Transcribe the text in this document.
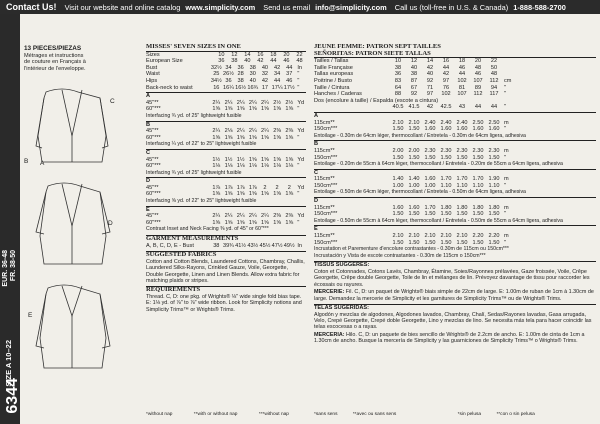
Contact Us! Visit our website and online catalog www.simplicity.com Send us email info@simplicity.com Call us (toll-free in U.S. & Canada) 1-888-588-2700
6344
EUR. 36-48 FR. 38-50
SIZE A 10–22
13 PIECES/PIEZAS
Métrages et instructions
de couture en Français à
l'intérieur de l'enveloppe.
A
C
B
D
E
MISSES' SEVEN SIZES IN ONE
Sizes	10	12	14	16	18	20	22
European Size	36	38	40	42	44	46	48
Bust	32½ 34	36	38	40	42	44 In
Waist	25 26½ 28	30	32	34	37 "
Hips	34½ 36	38	40	42	44	46 "
Back-neck to waist	16 16¼ 16½ 16¾ 17 17¼ 17½ "
A
45"**	2¼ 2¼ 2¼ 2¼ 2¼ 2½ 2½ Yd
60"***	1⅝ 1⅝ 1⅝ 1⅝ 1⅝ 1⅝ 1⅝ "
Interfacing ¾ yd. of 25" lightweight fusible
B
45"**	2¼ 2⅛ 2¼ 2¼ 2¼ 2⅜ 2⅜ Yd
60"***	1⅝ 1⅝ 1⅝ 1⅝ 1⅝ 1⅝ 1⅝ "
Interfacing ¼ yd. of 22" to 25" lightweight fusible
C
45"**	1½ 1½ 1½ 1⅝ 1⅝ 1⅝ 1⅝ Yd
60"***	1⅛ 1⅛ 1⅛ 1⅛ 1⅛ 1⅛ 1⅛ "
Interfacing ¾ yd. of 25" lightweight fusible
D
45"**	1⅞ 1⅞ 1⅞ 1⅞	2	2	2	Yd
60"***	1⅝ 1⅝ 1⅝ 1⅝ 1⅝ 1⅝ 1⅝ "
Interfacing ⅝ yd. of 22" to 25" lightweight fusible
E
45"**	2¼ 2¼ 2¼ 2¼ 2¼ 2⅜ 2⅜ Yd
60"***	1⅝ 1⅝ 1⅝ 1⅝ 1⅝ 1⅝ 1⅝ "
Contrast Inset and Neck Facing ⅜ yd. of 45" or 60"***
GARMENT MEASUREMENTS
A, B, C, D, E - Bust	38 39¾ 41½ 43½ 45½ 47½ 49½ In
SUGGESTED FABRICS
Cotton and Cotton Blends, Laundered Cottons, Chambray, Challis, Laundered Silks-Rayons, Crinkled Gauze, Voile, Georgette, Double Georgette, Linen and Linen Blends. Allow extra fabric for matching plaids or stripes.
REQUIREMENTS
Thread. C, D: one pkg. of Wrights® ⅛" wide single fold bias tape. E: 1⅛ yd. of ⅞" to ⅞" wide ribbon. Look for Simplicity notions and Simplicity Trims™ or Wrights® Trims.
*without nap	**with or without nap	***without nap
JEUNE FEMME: PATRON SEPT TAILLES
SEÑORITAS: PATRON SIETE TALLAS
Tailles / Tallas	10	12	14	16	18	20	22
Taille Française	38	40	42	44	46	48	50
Tallas europeas	36	38	40	42	44	46	48
Poitrine / Busto	83	87	92	97	102	107	112 cm
Taille / Cintura	64	67	71	76	81	89	94	"
Hanches / Caderas	88	92	97	102	107	112	117 "
Dos (encolure à taille) / Espalda (escote a cintura)
40.5 41.5	42	42.5	43	44	44	"
A
115cm**	2.10 2.10 2.40 2.40 2.40 2.50 2.50 m
150cm***	1.50 1.50 1.60 1.60 1.60 1.60 1.60 "
Entoilage - 0.30m de 64cm léger, thermocollant / Entretela - 0.30m de 64cm ligera, adhesiva
B
115cm**	2.00 2.00 2.30 2.30 2.30 2.30 2.30 m
150cm***	1.50 1.50 1.50 1.50 1.50 1.50 1.50 "
Entoilage - 0.20m de 55cm à 64cm léger, thermocollant / Entretela - 0.20m de 55cm a 64cm ligera, adhesiva
C
115cm**	1.40 1.40 1.60 1.70 1.70 1.70 1.90 m
150cm***	1.00 1.00 1.00 1.10 1.10 1.10 1.10 "
Entoilage - 0.50m de 64cm léger, thermocollant / Entretela - 0.50m de 64cm ligera, adhesiva
D
115cm**	1.60 1.60 1.70 1.80 1.80 1.80 1.80 m
150cm***	1.50 1.50 1.50 1.50 1.50 1.50 1.50 "
Entoilage - 0.50m de 55cm à 64cm léger, thermocollant / Entretela - 0.50m de 55cm a 64cm ligera, adhesiva
E
115cm**	2.10 2.10 2.10 2.10 2.10 2.20 2.20 m
150cm***	1.50 1.50 1.50 1.50 1.50 1.50 1.50 "
Incrustation et Parementure d'encolure contrastantes - 0.30m de 115cm ou 150cm***
Incrustación y Vista de escote contrastantes - 0.30m de 115cm o 150cm***
TISSUS SUGGERES:
Coton et Cotonnades, Cotons Lavés, Chambray, Étamine, Soies/Rayonnes prélavées, Gaze froissée, Voile, Crêpe Georgette, Crêpe double Georgette, Toile de lin et mélanges de lin. Prévoyez davantage de tissu pour raccorder les écossais ou rayures.
MERCERIE: Fil. C, D: un paquet de Wrights® biais simple de 22cm de large. E: 1.00m de ruban de 1cm à 1.30cm de large. Demandez la mercerie de Simplicity et les garnitures de Simplicity Trims™ ou de Wrights® Trims.
TELAS SUGERIDAS:
Algodón y mezclas de algodones, Algodones lavados, Chambray, Chalí, Sedas/Rayones lavadas, Gasa arrugada, Velo, Crepé Georgette, Crepé doble Georgette, Lino y mezclas de lino. Se necesita más tela para hacer coincidir las telas escocesas o a rayas.
MERCERIA: Hilo. C, D: un paquete de bies sencillo de Wrights® de 2.2cm de ancho. E: 1.00m de cinta de 1cm a 1.30cm de ancho. Busque la mercería de Simplicity y las guarniciones de Simplicity Trims™ o Wrights® Trims.
*sans sens	**avec ou sans sens	*sin pelusa	**con o sin pelusa
